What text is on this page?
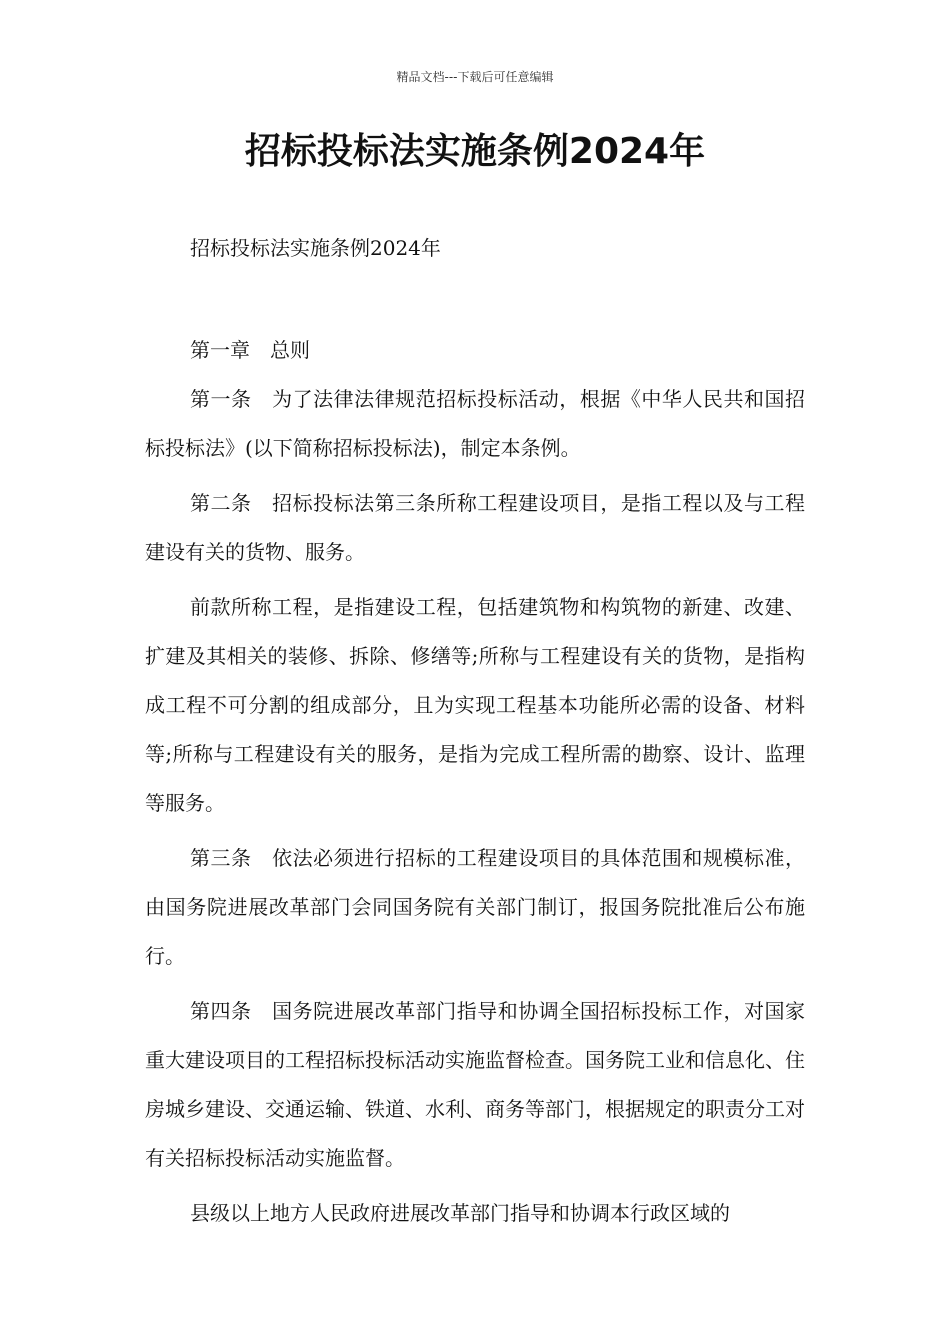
精品文档---下载后可任意编辑
招标投标法实施条例2024年

招标投标法实施条例2024年

第一章　总则

第一条　为了法律法律规范招标投标活动，根据《中华人民共和国招标投标法》(以下简称招标投标法)，制定本条例。

第二条　招标投标法第三条所称工程建设项目，是指工程以及与工程建设有关的货物、服务。

前款所称工程，是指建设工程，包括建筑物和构筑物的新建、改建、扩建及其相关的装修、拆除、修缮等;所称与工程建设有关的货物，是指构成工程不可分割的组成部分，且为实现工程基本功能所必需的设备、材料等;所称与工程建设有关的服务，是指为完成工程所需的勘察、设计、监理等服务。

第三条　依法必须进行招标的工程建设项目的具体范围和规模标准，由国务院进展改革部门会同国务院有关部门制订，报国务院批准后公布施行。

第四条　国务院进展改革部门指导和协调全国招标投标工作，对国家重大建设项目的工程招标投标活动实施监督检查。国务院工业和信息化、住房城乡建设、交通运输、铁道、水利、商务等部门，根据规定的职责分工对有关招标投标活动实施监督。

县级以上地方人民政府进展改革部门指导和协调本行政区域的
